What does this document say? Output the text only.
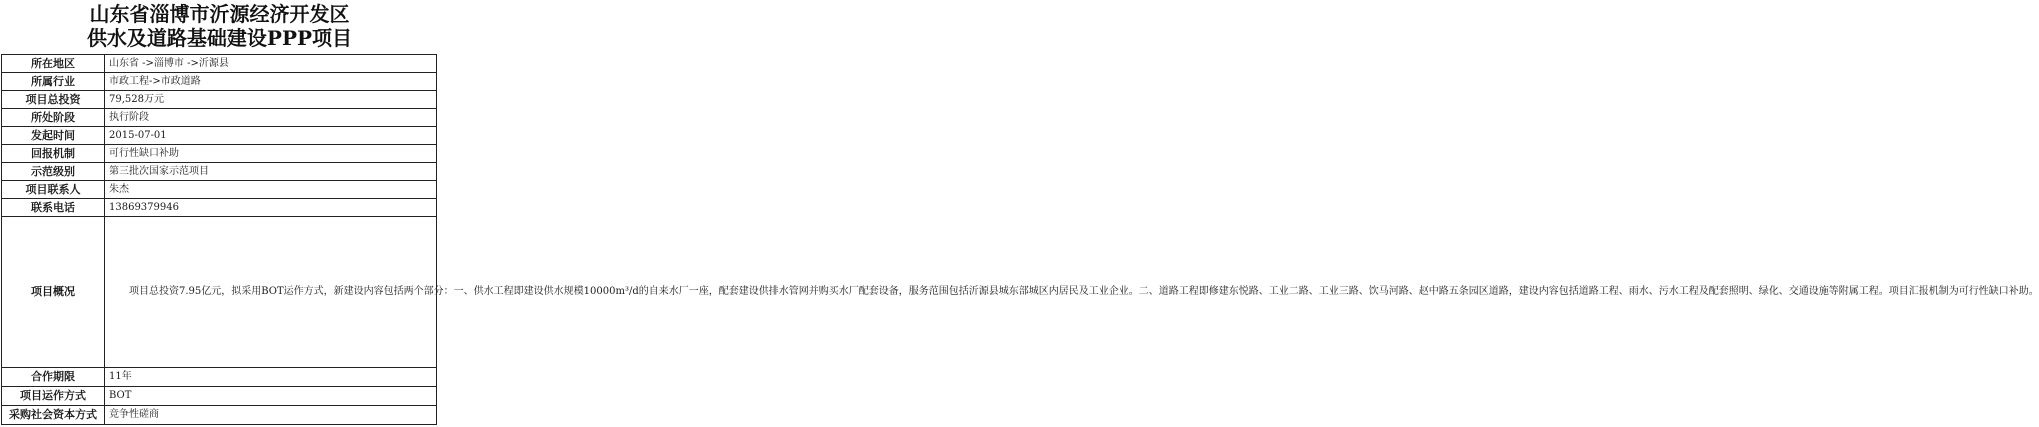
山东省淄博市沂源经济开发区
供水及道路基础建设PPP项目
所在地区	山东省 ->淄博市 ->沂源县
所属行业	市政工程->市政道路
项目总投资	79,528万元
所处阶段	执行阶段
发起时间	2015-07-01
回报机制	可行性缺口补助
示范级别	第三批次国家示范项目
项目联系人	朱杰
联系电话	13869379946
项目概况	项目总投资7.95亿元，拟采用BOT运作方式，新建设内容包括两个部分：一、供水工程即建设供水规模10000m³/d的自来水厂一座，配套建设供排水管网并购买水厂配套设备，服务范围包括沂源县城东部城区内居民及工业企业。二、道路工程即修建东悦路、工业二路、工业三路、饮马河路、赵中路五条园区道路，建设内容包括道路工程、雨水、污水工程及配套照明、绿化、交通设施等附属工程。项目汇报机制为可行性缺口补助。

合作期限	11年
项目运作方式	BOT
采购社会资本方式	竞争性磋商
